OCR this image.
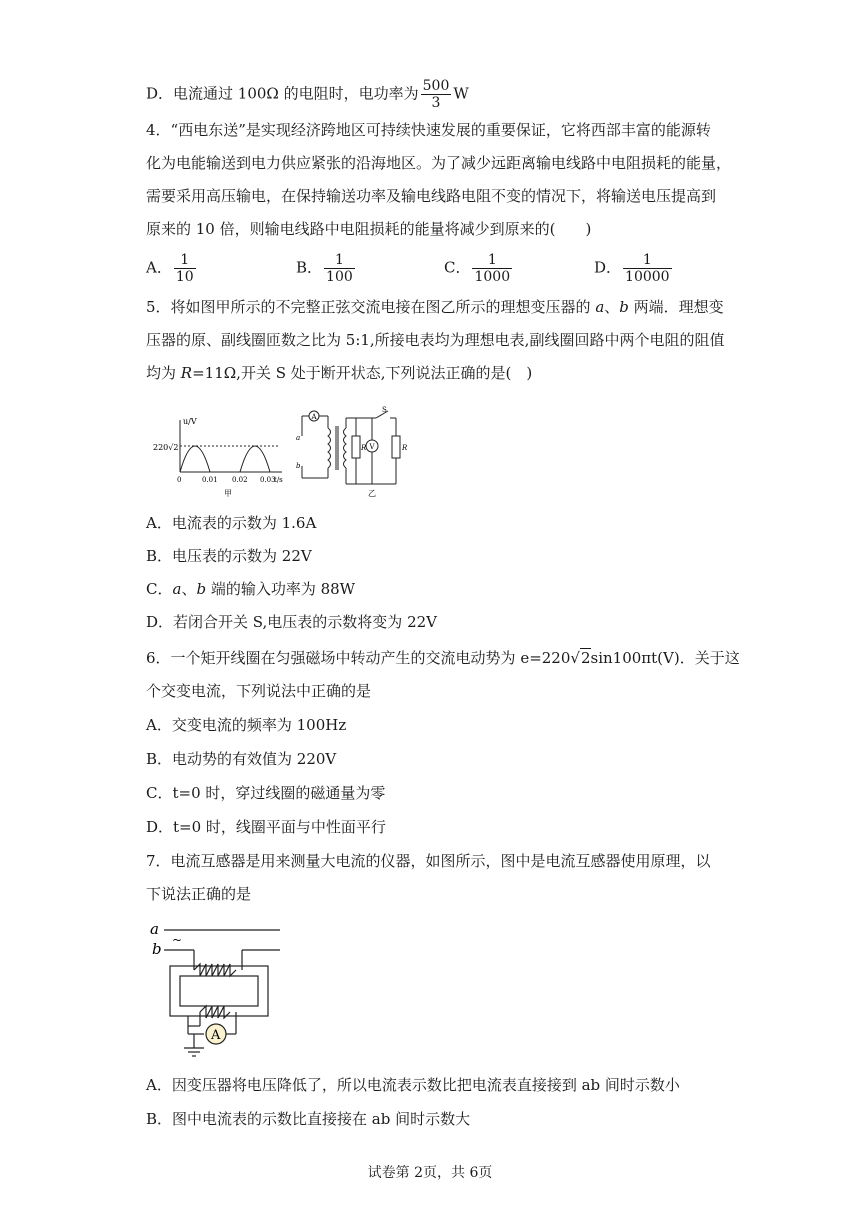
D．电流通过 100Ω 的电阻时，电功率为 $\frac{500}{3}$ W
4．“西电东送”是实现经济跨地区可持续快速发展的重要保证，它将西部丰富的能源转
化为电能输送到电力供应紧张的沿海地区。为了减少远距离输电线路中电阻损耗的能量，
需要采用高压输电，在保持输送功率及输电线路电阻不变的情况下，将输送电压提高到
原来的 10 倍，则输电线路中电阻损耗的能量将减少到原来的(　　)
A． $\frac{1}{10}$	B． $\frac{1}{100}$	C． $\frac{1}{1000}$	D． $\frac{1}{10000}$
5．将如图甲所示的不完整正弦交流电接在图乙所示的理想变压器的 a、b 两端．理想变
压器的原、副线圈匝数之比为 5:1,所接电表均为理想电表,副线圈回路中两个电阻的阻值
均为 R=11Ω,开关 S 处于断开状态,下列说法正确的是(　)
u/V
220√2
t/s
0	0.01 0.02 0.03
甲
A
a
b
V
R	R
S
乙
A．电流表的示数为 1.6A
B．电压表的示数为 22V
C．a、b 端的输入功率为 88W
D．若闭合开关 S,电压表的示数将变为 22V
6．一个矩开线圈在匀强磁场中转动产生的交流电动势为 e=220√2sin100πt(V)．关于这
个交变电流，下列说法中正确的是
A．交变电流的频率为 100Hz
B．电动势的有效值为 220V
C．t=0 时，穿过线圈的磁通量为零
D．t=0 时，线圈平面与中性面平行
7．电流互感器是用来测量大电流的仪器，如图所示，图中是电流互感器使用原理，以
下说法正确的是
a
b ~
A
A．因变压器将电压降低了，所以电流表示数比把电流表直接接到 ab 间时示数小
B．图中电流表的示数比直接接在 ab 间时示数大
试卷第 2页，共 6页
